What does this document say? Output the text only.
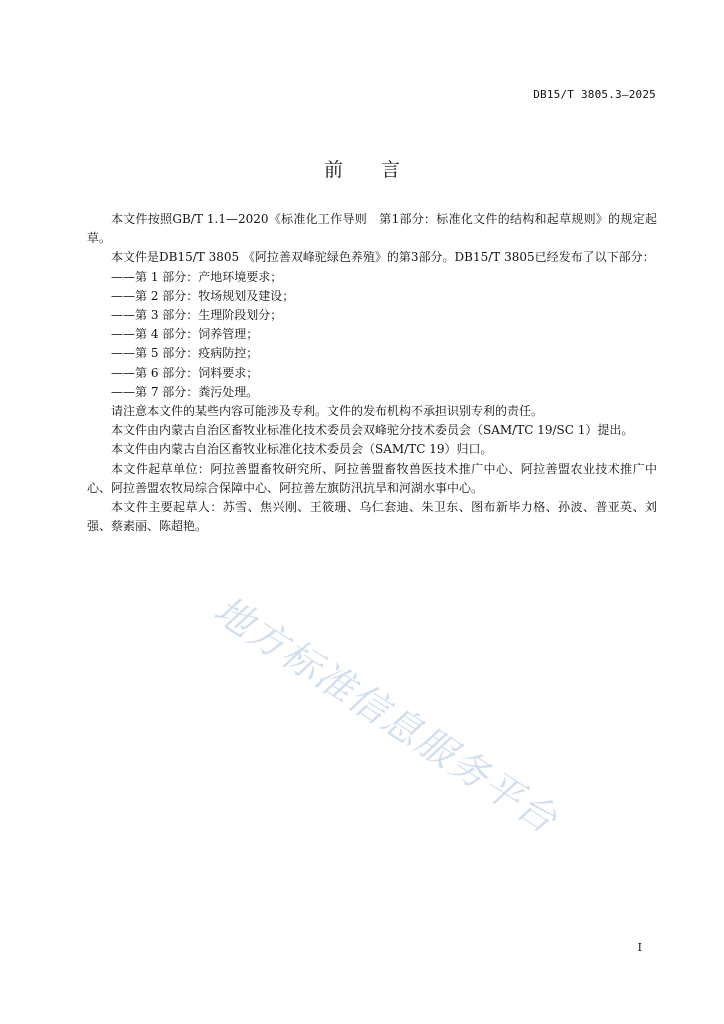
DB15/T 3805.3—2025
前言

本文件按照GB/T 1.1—2020《标准化工作导则　第1部分：标准化文件的结构和起草规则》的规定起草。

本文件是DB15/T 3805 《阿拉善双峰驼绿色养殖》的第3部分。DB15/T 3805已经发布了以下部分：

——第 1 部分：产地环境要求；

——第 2 部分：牧场规划及建设；

——第 3 部分：生理阶段划分；

——第 4 部分：饲养管理；

——第 5 部分：疫病防控；

——第 6 部分：饲料要求；

——第 7 部分：粪污处理。

请注意本文件的某些内容可能涉及专利。文件的发布机构不承担识别专利的责任。

本文件由内蒙古自治区畜牧业标准化技术委员会双峰驼分技术委员会（SAM/TC 19/SC 1）提出。

本文件由内蒙古自治区畜牧业标准化技术委员会（SAM/TC 19）归口。

本文件起草单位：阿拉善盟畜牧研究所、阿拉善盟畜牧兽医技术推广中心、阿拉善盟农业技术推广中心、阿拉善盟农牧局综合保障中心、阿拉善左旗防汛抗旱和河湖水事中心。

本文件主要起草人：苏雪、焦兴刚、王筱珊、乌仁套迪、朱卫东、图布新毕力格、孙波、普亚英、刘强、蔡素丽、陈超艳。

地方标准信息服务平台
I
